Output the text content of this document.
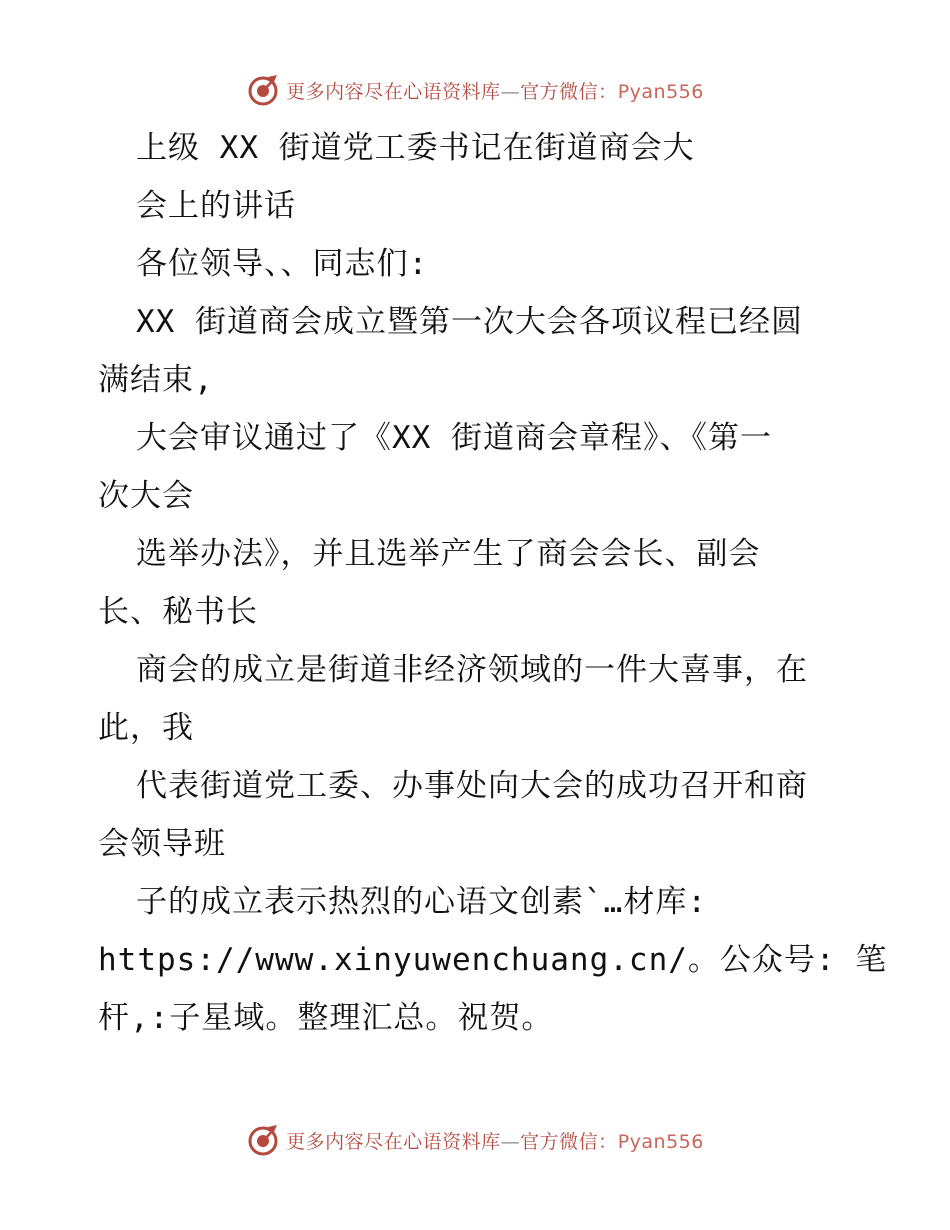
更多内容尽在心语资料库—官方微信：Pyan556
上级 XX 街道党工委书记在街道商会大
会上的讲话
各位领导、、同志们:
XX 街道商会成立暨第一次大会各项议程已经圆
满结束,
大会审议通过了《XX 街道商会章程》、《第一
次大会
选举办法》，并且选举产生了商会会长、副会
长、秘书长
商会的成立是街道非经济领域的一件大喜事，在
此，我
代表街道党工委、办事处向大会的成功召开和商
会领导班
子的成立表示热烈的心语文创素`…材库:
https://www.xinyuwenchuang.cn/。公众号: 笔
杆,:子星域。整理汇总。祝贺。
更多内容尽在心语资料库—官方微信：Pyan556
